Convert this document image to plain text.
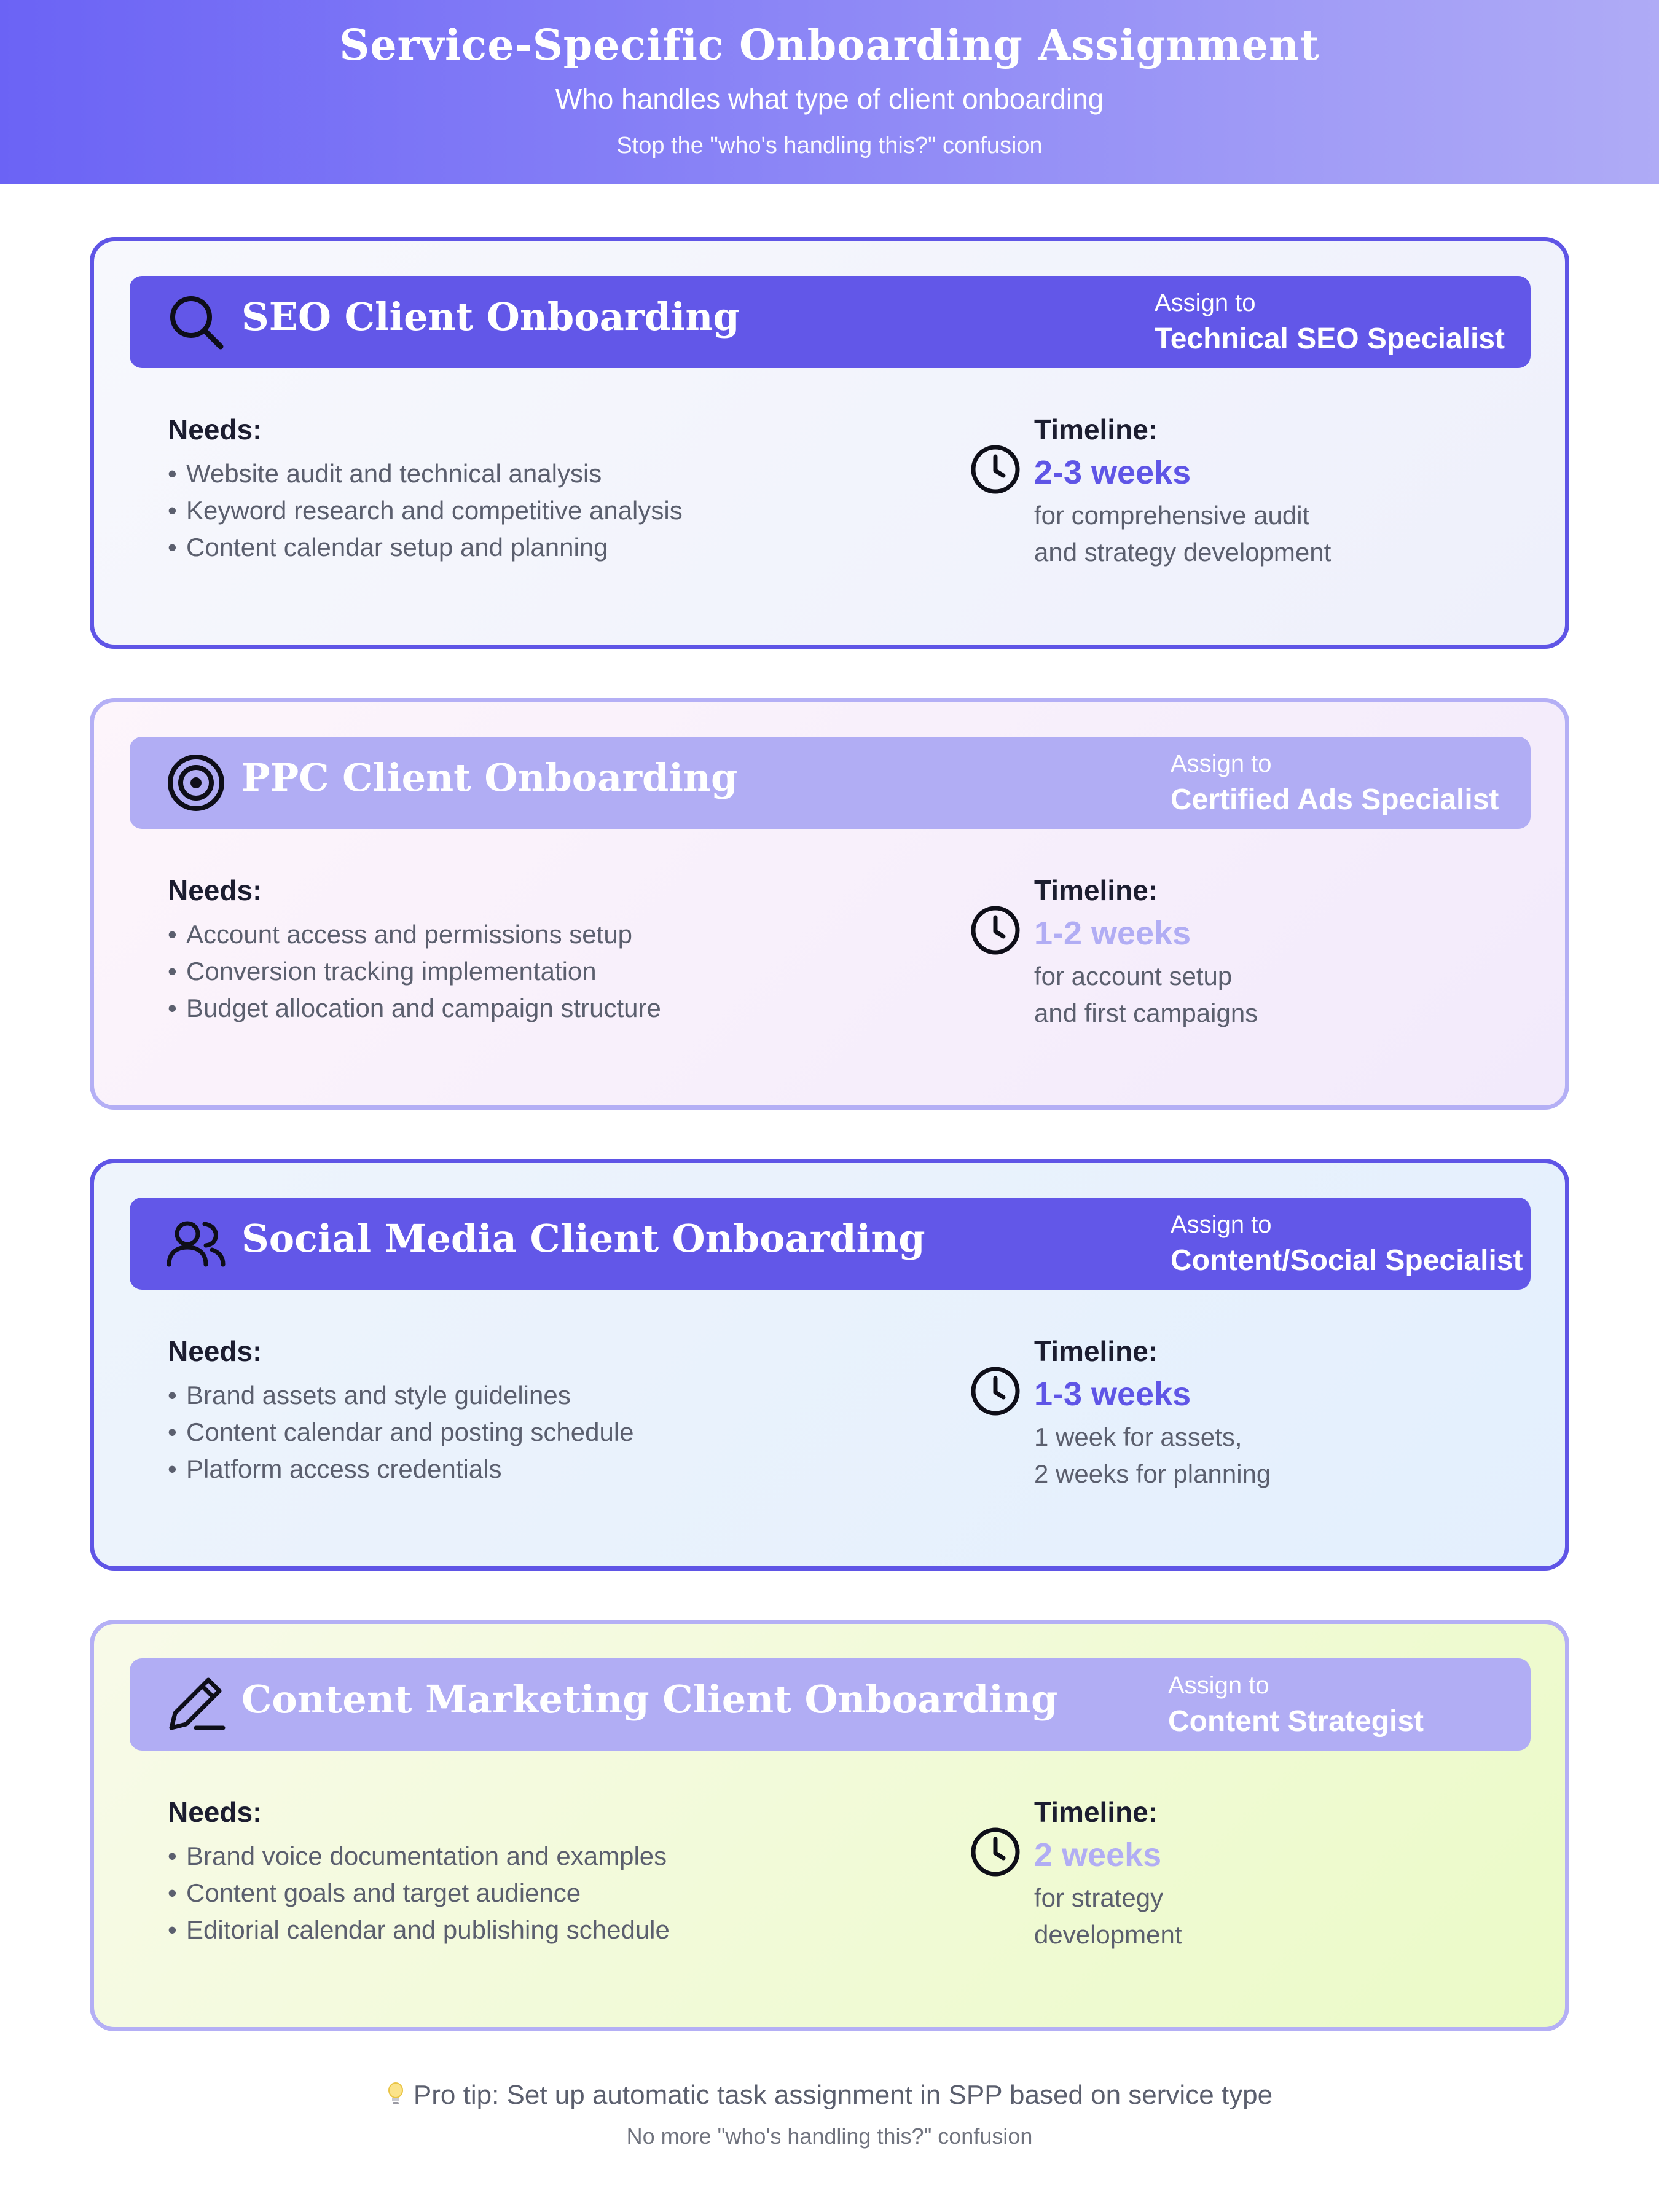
Service-Specific Onboarding Assignment
Who handles what type of client onboarding
Stop the "who's handling this?" confusion
SEO Client Onboarding	Assign to
Technical SEO Specialist
Needs:
• Website audit and technical analysis
• Keyword research and competitive analysis
• Content calendar setup and planning
Timeline:
2-3 weeks
for comprehensive audit
and strategy development
PPC Client Onboarding	Assign to
Certified Ads Specialist
Needs:
• Account access and permissions setup
• Conversion tracking implementation
• Budget allocation and campaign structure
Timeline:
1-2 weeks
for account setup
and first campaigns
Social Media Client Onboarding	Assign to
Content/Social Specialist
Needs:
• Brand assets and style guidelines
• Content calendar and posting schedule
• Platform access credentials
Timeline:
1-3 weeks
1 week for assets,
2 weeks for planning
Content Marketing Client Onboarding	Assign to
Content Strategist
Needs:
• Brand voice documentation and examples
• Content goals and target audience
• Editorial calendar and publishing schedule
Timeline:
2 weeks
for strategy
development
Pro tip: Set up automatic task assignment in SPP based on service type
No more "who's handling this?" confusion
